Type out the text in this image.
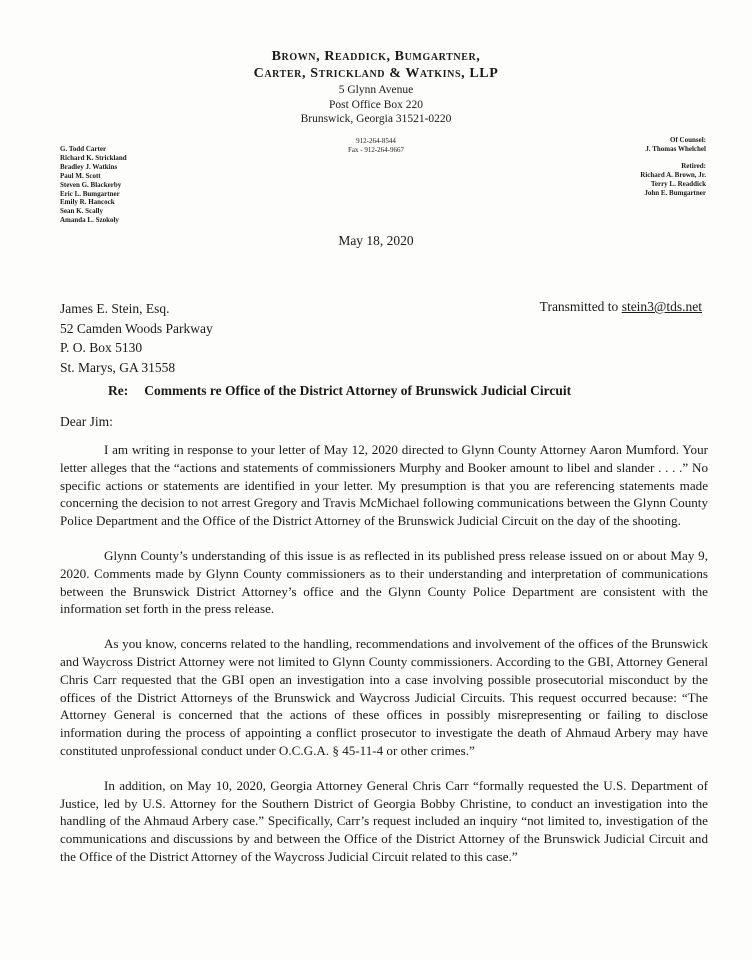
Brown, Readdick, Bumgartner,
Carter, Strickland & Watkins, LLP
5 Glynn Avenue
Post Office Box 220
Brunswick, Georgia 31521-0220
912-264-8544
Fax - 912-264-9667
G. Todd Carter
Richard K. Strickland
Bradley J. Watkins
Paul M. Scott
Steven G. Blackerby
Eric L. Bumgartner
Emily R. Hancock
Sean K. Scally
Amanda L. Szokoly
Of Counsel:
J. Thomas Whelchel
Retired:
Richard A. Brown, Jr.
Terry L. Readdick
John E. Bumgartner
May 18, 2020
James E. Stein, Esq.
52 Camden Woods Parkway
P. O. Box 5130
St. Marys, GA 31558
Transmitted to stein3@tds.net
Re: Comments re Office of the District Attorney of Brunswick Judicial Circuit
Dear Jim:

I am writing in response to your letter of May 12, 2020 directed to Glynn County Attorney Aaron Mumford. Your letter alleges that the “actions and statements of commissioners Murphy and Booker amount to libel and slander . . . .” No specific actions or statements are identified in your letter. My presumption is that you are referencing statements made concerning the decision to not arrest Gregory and Travis McMichael following communications between the Glynn County Police Department and the Office of the District Attorney of the Brunswick Judicial Circuit on the day of the shooting.

Glynn County’s understanding of this issue is as reflected in its published press release issued on or about May 9, 2020. Comments made by Glynn County commissioners as to their understanding and interpretation of communications between the Brunswick District Attorney’s office and the Glynn County Police Department are consistent with the information set forth in the press release.

As you know, concerns related to the handling, recommendations and involvement of the offices of the Brunswick and Waycross District Attorney were not limited to Glynn County commissioners. According to the GBI, Attorney General Chris Carr requested that the GBI open an investigation into a case involving possible prosecutorial misconduct by the offices of the District Attorneys of the Brunswick and Waycross Judicial Circuits. This request occurred because: “The Attorney General is concerned that the actions of these offices in possibly misrepresenting or failing to disclose information during the process of appointing a conflict prosecutor to investigate the death of Ahmaud Arbery may have constituted unprofessional conduct under O.C.G.A. § 45-11-4 or other crimes.”

In addition, on May 10, 2020, Georgia Attorney General Chris Carr “formally requested the U.S. Department of Justice, led by U.S. Attorney for the Southern District of Georgia Bobby Christine, to conduct an investigation into the handling of the Ahmaud Arbery case.” Specifically, Carr’s request included an inquiry “not limited to, investigation of the communications and discussions by and between the Office of the District Attorney of the Brunswick Judicial Circuit and the Office of the District Attorney of the Waycross Judicial Circuit related to this case.”
